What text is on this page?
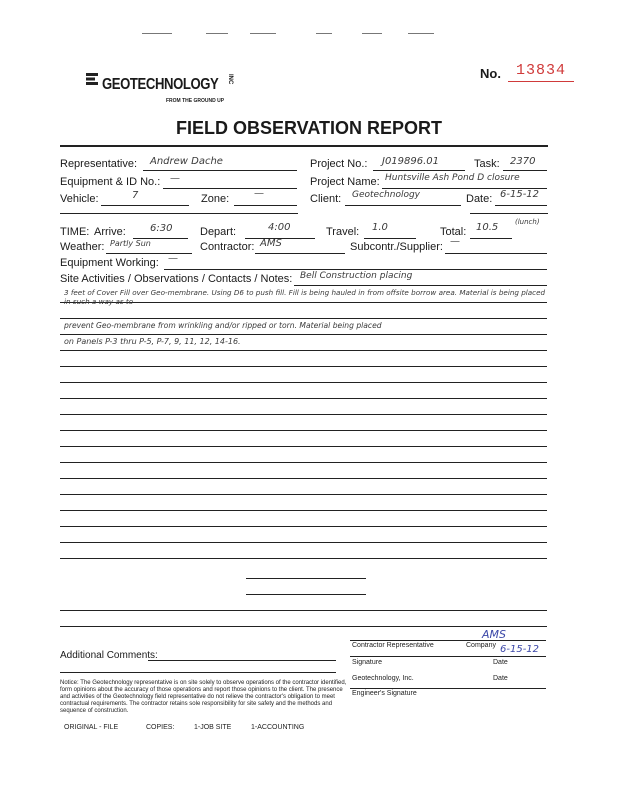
No. 13834
GEOTECHNOLOGY INC
FROM THE GROUND UP
FIELD OBSERVATION REPORT
Representative: Andrew Dache	Project No.: J019896.01	Task: 2370
Equipment & ID No.: —	Project Name: Huntsville Ash Pond D closure
Vehicle:	7	Zone: —	Client: Geotechnology	Date: 6-15-12
TIME: Arrive: 6:30	Depart:	4:00	Travel: 1.0	Total: 10.5 (lunch)
Weather: Partly Sun	Contractor: AMS	Subcontr./Supplier: —
Equipment Working: —
Site Activities / Observations / Contacts / Notes: Bell Construction placing
3 feet of Cover Fill over Geo-membrane. Using D6 to push fill. Fill is being hauled in from offsite borrow area. Material is being placed in such a way as to
prevent Geo-membrane from wrinkling and/or ripped or torn. Material being placed
on Panels P-3 thru P-5, P-7, 9, 11, 12, 14-16.
Additional Comments:
Contractor Representative	Company
AMS
6-15-12
Signature	Date
Geotechnology, Inc.	Date
Engineer's Signature
Notice: The Geotechnology representative is on site solely to observe operations of the contractor identified, form opinions about the accuracy of those operations and report those opinions to the client. The presence and activities of the Geotechnology field representative do not relieve the contractor's obligation to meet contractual requirements. The contractor retains sole responsibility for site safety and the methods and sequence of construction.
ORIGINAL - FILE	COPIES:	1-JOB SITE	1-ACCOUNTING
